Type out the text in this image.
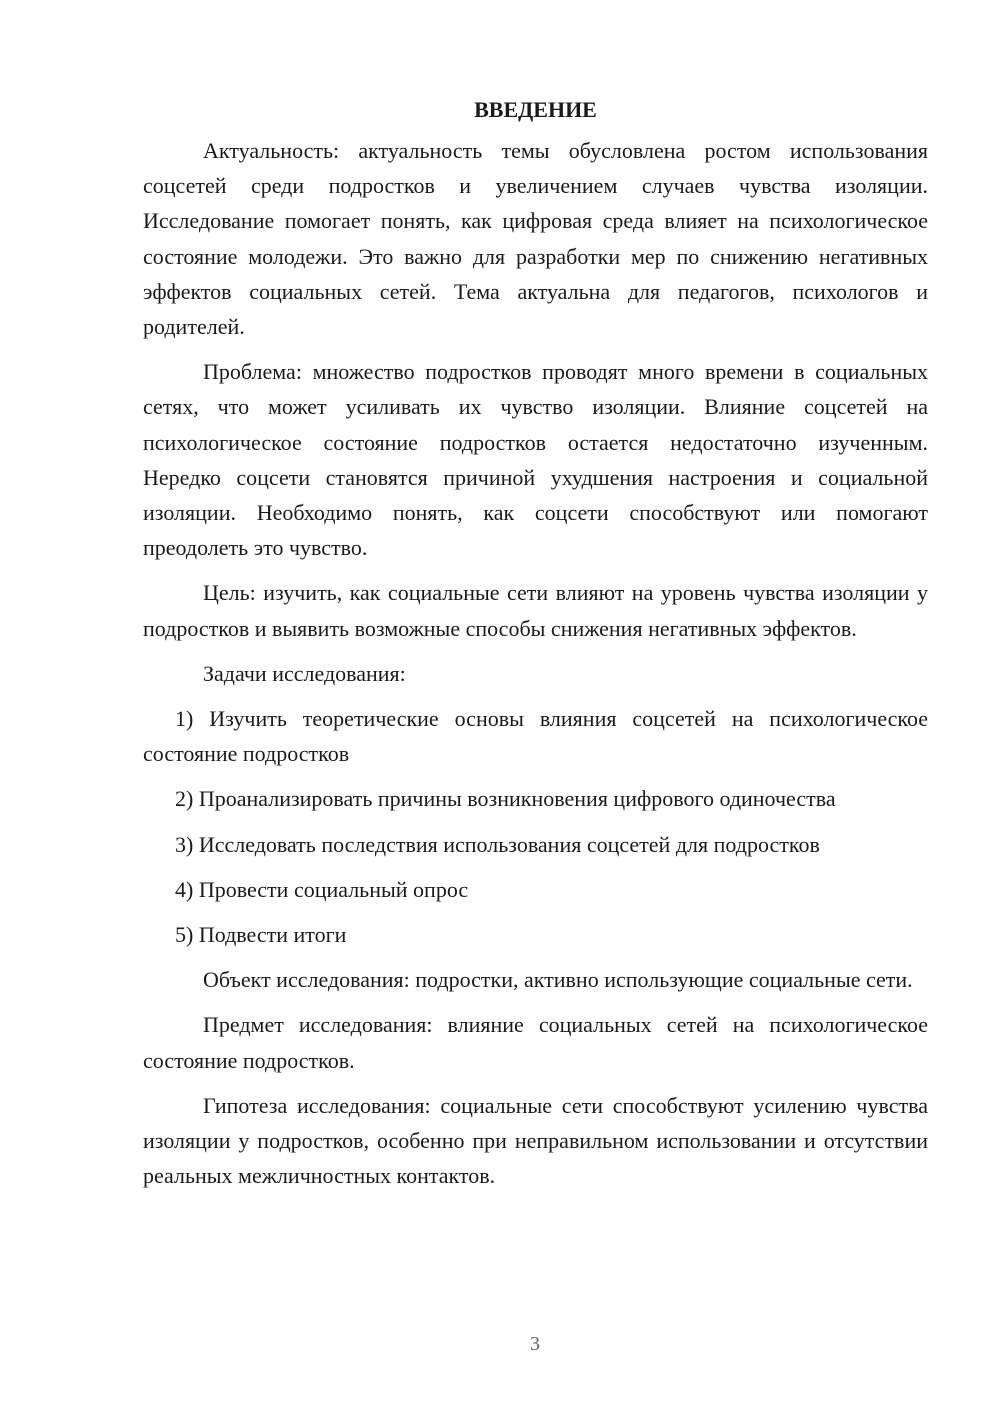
ВВЕДЕНИЕ

Актуальность: актуальность темы обусловлена ростом использования соцсетей среди подростков и увеличением случаев чувства изоляции. Исследование помогает понять, как цифровая среда влияет на психологическое состояние молодежи. Это важно для разработки мер по снижению негативных эффектов социальных сетей. Тема актуальна для педагогов, психологов и родителей.

Проблема: множество подростков проводят много времени в социальных сетях, что может усиливать их чувство изоляции. Влияние соцсетей на психологическое состояние подростков остается недостаточно изученным. Нередко соцсети становятся причиной ухудшения настроения и социальной изоляции. Необходимо понять, как соцсети способствуют или помогают преодолеть это чувство.

Цель: изучить, как социальные сети влияют на уровень чувства изоляции у подростков и выявить возможные способы снижения негативных эффектов.

Задачи исследования:

1) Изучить теоретические основы влияния соцсетей на психологическое состояние подростков

2) Проанализировать причины возникновения цифрового одиночества

3) Исследовать последствия использования соцсетей для подростков

4) Провести социальный опрос

5) Подвести итоги

Объект исследования: подростки, активно использующие социальные сети.

Предмет исследования: влияние социальных сетей на психологическое состояние подростков.

Гипотеза исследования: социальные сети способствуют усилению чувства изоляции у подростков, особенно при неправильном использовании и отсутствии реальных межличностных контактов.

3
